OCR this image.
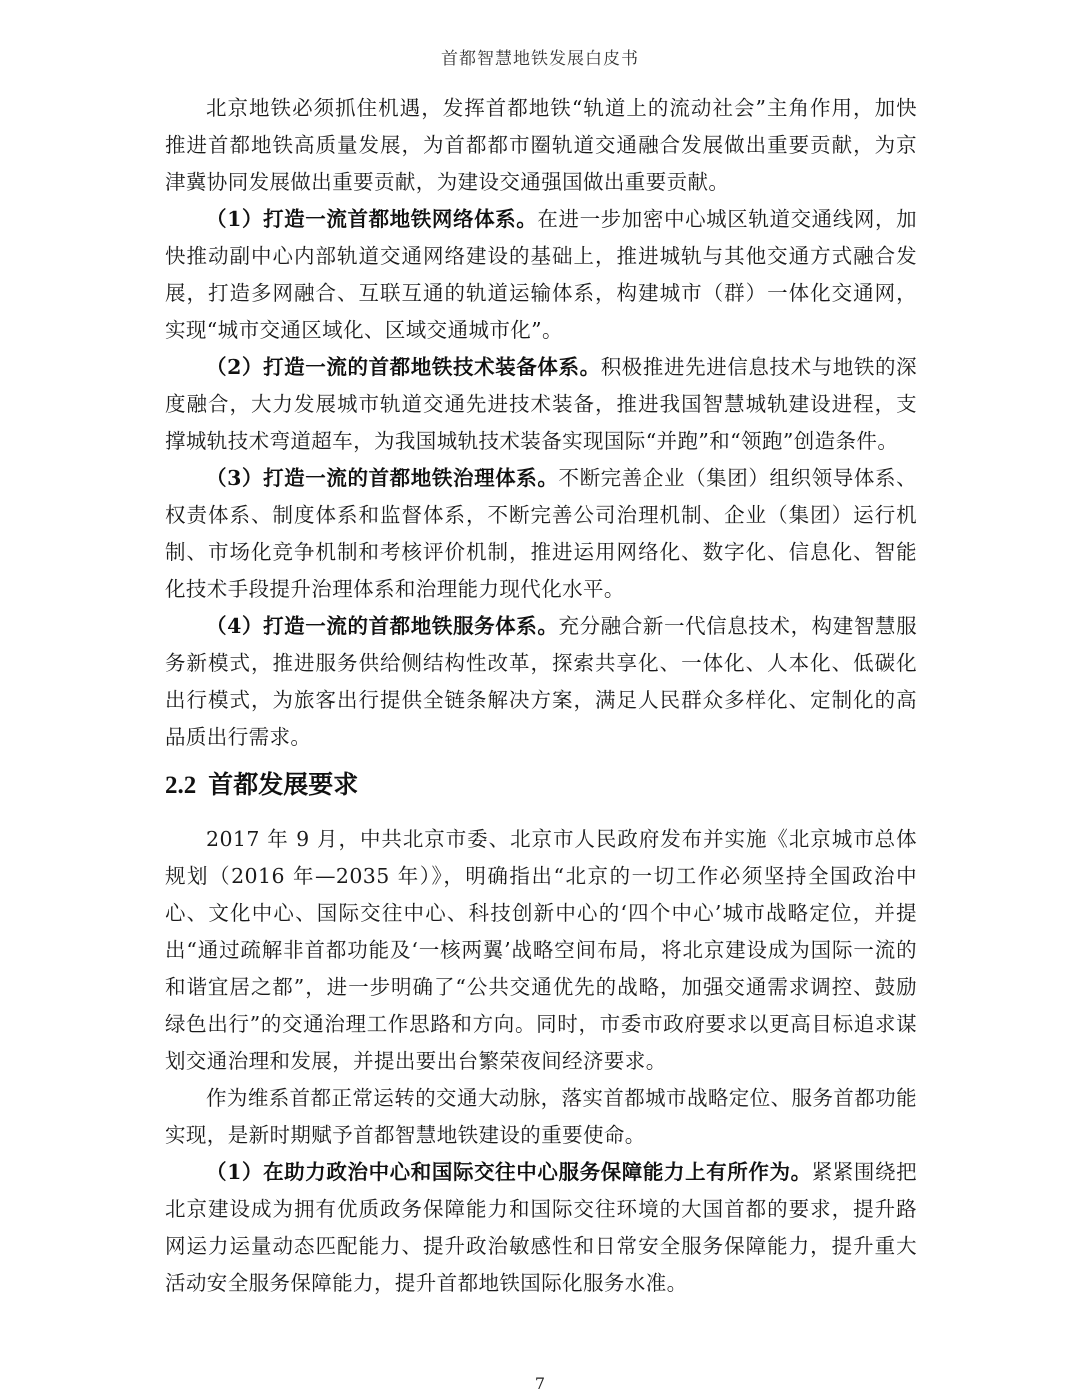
首都智慧地铁发展白皮书

北京地铁必须抓住机遇，发挥首都地铁“轨道上的流动社会”主角作用，加快推进首都地铁高质量发展，为首都都市圈轨道交通融合发展做出重要贡献，为京津冀协同发展做出重要贡献，为建设交通强国做出重要贡献。

（1）打造一流首都地铁网络体系。在进一步加密中心城区轨道交通线网，加快推动副中心内部轨道交通网络建设的基础上，推进城轨与其他交通方式融合发展，打造多网融合、互联互通的轨道运输体系，构建城市（群）一体化交通网，实现“城市交通区域化、区域交通城市化”。

（2）打造一流的首都地铁技术装备体系。积极推进先进信息技术与地铁的深度融合，大力发展城市轨道交通先进技术装备，推进我国智慧城轨建设进程，支撑城轨技术弯道超车，为我国城轨技术装备实现国际“并跑”和“领跑”创造条件。

（3）打造一流的首都地铁治理体系。不断完善企业（集团）组织领导体系、权责体系、制度体系和监督体系，不断完善公司治理机制、企业（集团）运行机制、市场化竞争机制和考核评价机制，推进运用网络化、数字化、信息化、智能化技术手段提升治理体系和治理能力现代化水平。

（4）打造一流的首都地铁服务体系。充分融合新一代信息技术，构建智慧服务新模式，推进服务供给侧结构性改革，探索共享化、一体化、人本化、低碳化出行模式，为旅客出行提供全链条解决方案，满足人民群众多样化、定制化的高品质出行需求。

2.2 首都发展要求

2017 年 9 月，中共北京市委、北京市人民政府发布并实施《北京城市总体规划（2016 年—2035 年）》，明确指出“北京的一切工作必须坚持全国政治中心、文化中心、国际交往中心、科技创新中心的‘四个中心’城市战略定位，并提出“通过疏解非首都功能及‘一核两翼’战略空间布局，将北京建设成为国际一流的和谐宜居之都”，进一步明确了“公共交通优先的战略，加强交通需求调控、鼓励绿色出行”的交通治理工作思路和方向。同时，市委市政府要求以更高目标追求谋划交通治理和发展，并提出要出台繁荣夜间经济要求。

作为维系首都正常运转的交通大动脉，落实首都城市战略定位、服务首都功能实现，是新时期赋予首都智慧地铁建设的重要使命。

（1）在助力政治中心和国际交往中心服务保障能力上有所作为。紧紧围绕把北京建设成为拥有优质政务保障能力和国际交往环境的大国首都的要求，提升路网运力运量动态匹配能力、提升政治敏感性和日常安全服务保障能力，提升重大活动安全服务保障能力，提升首都地铁国际化服务水准。

7
